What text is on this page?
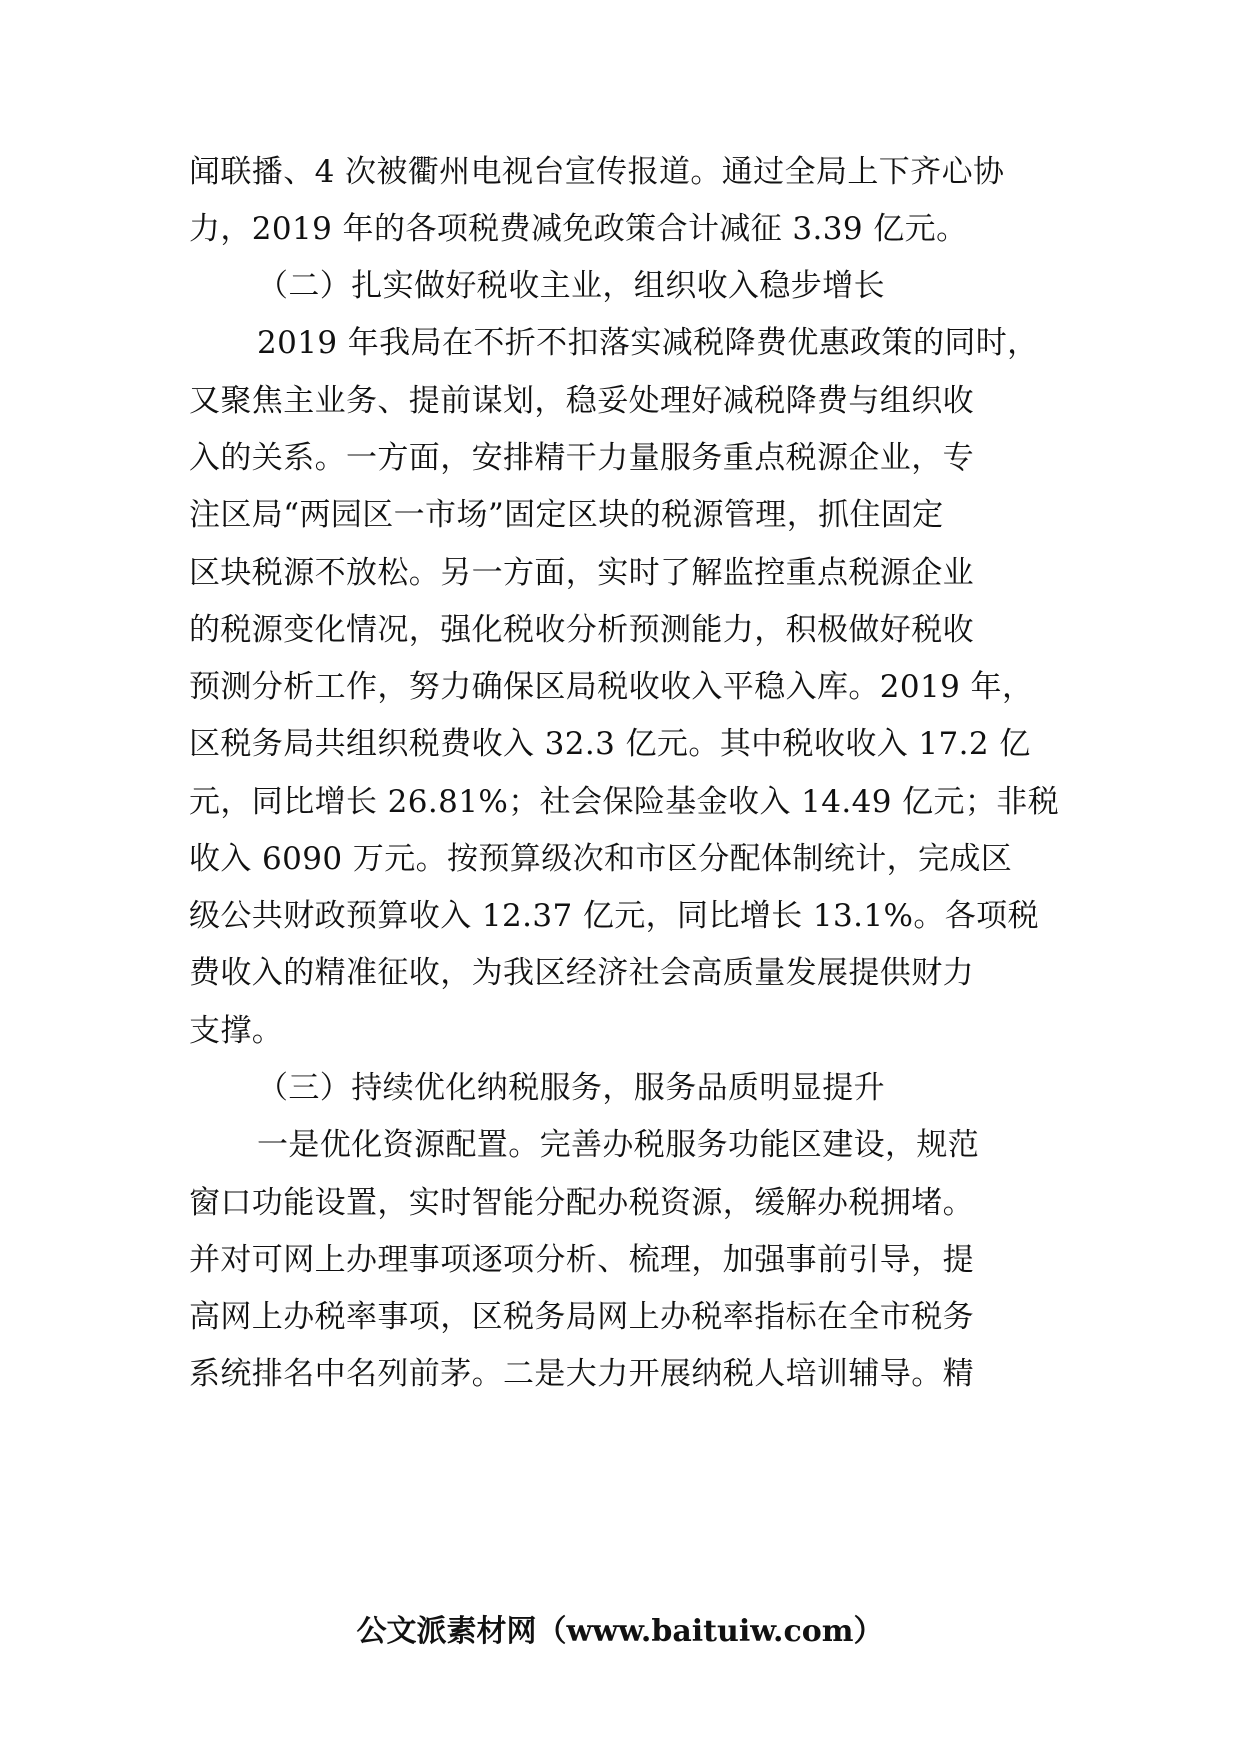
闻联播、4 次被衢州电视台宣传报道。通过全局上下齐心协
力，2019 年的各项税费减免政策合计减征 3.39 亿元。
（二）扎实做好税收主业，组织收入稳步增长
2019 年我局在不折不扣落实减税降费优惠政策的同时，
又聚焦主业务、提前谋划，稳妥处理好减税降费与组织收
入的关系。一方面，安排精干力量服务重点税源企业，专
注区局“两园区一市场”固定区块的税源管理，抓住固定
区块税源不放松。另一方面，实时了解监控重点税源企业
的税源变化情况，强化税收分析预测能力，积极做好税收
预测分析工作，努力确保区局税收收入平稳入库。2019 年，
区税务局共组织税费收入 32.3 亿元。其中税收收入 17.2 亿
元，同比增长 26.81%；社会保险基金收入 14.49 亿元；非税
收入 6090 万元。按预算级次和市区分配体制统计，完成区
级公共财政预算收入 12.37 亿元，同比增长 13.1%。各项税
费收入的精准征收，为我区经济社会高质量发展提供财力
支撑。
（三）持续优化纳税服务，服务品质明显提升
一是优化资源配置。完善办税服务功能区建设，规范
窗口功能设置，实时智能分配办税资源，缓解办税拥堵。
并对可网上办理事项逐项分析、梳理，加强事前引导，提
高网上办税率事项，区税务局网上办税率指标在全市税务
系统排名中名列前茅。二是大力开展纳税人培训辅导。精
公文派素材网（www.baituiw.com）
